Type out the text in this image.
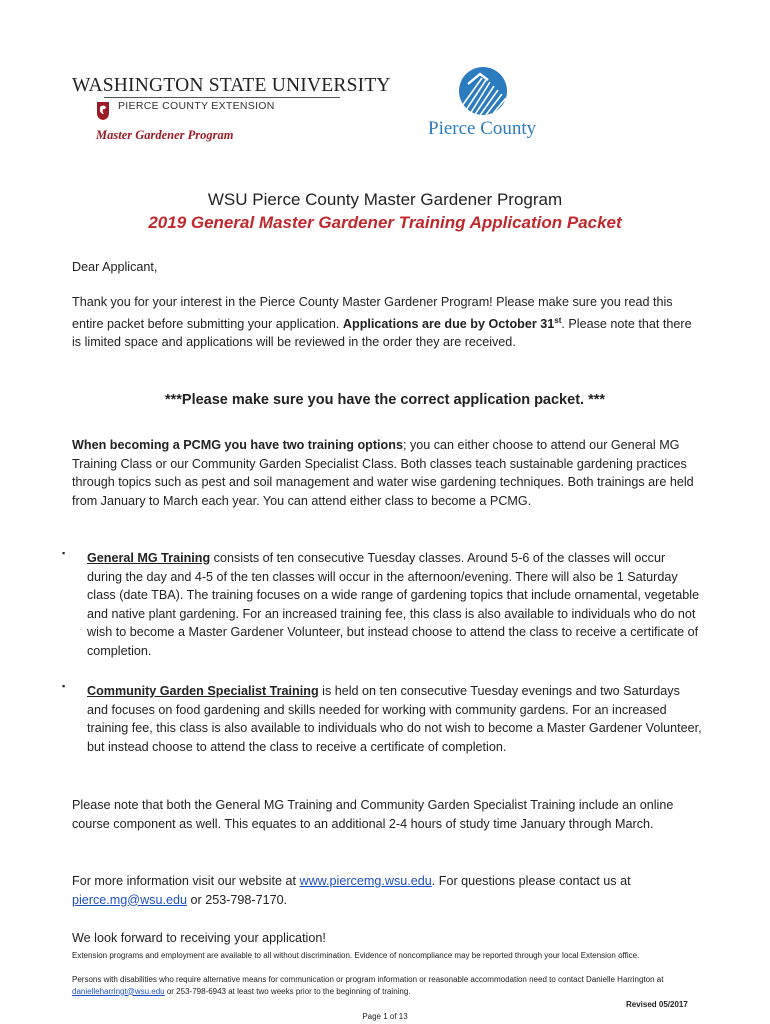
WASHINGTON STATE UNIVERSITY
PIERCE COUNTY EXTENSION
Master Gardener Program	Pierce County
WSU Pierce County Master Gardener Program
2019 General Master Gardener Training Application Packet
Dear Applicant,
Thank you for your interest in the Pierce County Master Gardener Program! Please make sure you read this entire packet before submitting your application. Applications are due by October 31st. Please note that there is limited space and applications will be reviewed in the order they are received.
***Please make sure you have the correct application packet. ***
When becoming a PCMG you have two training options; you can either choose to attend our General MG Training Class or our Community Garden Specialist Class. Both classes teach sustainable gardening practices through topics such as pest and soil management and water wise gardening techniques. Both trainings are held from January to March each year. You can attend either class to become a PCMG.
▪ General MG Training consists of ten consecutive Tuesday classes. Around 5-6 of the classes will occur during the day and 4-5 of the ten classes will occur in the afternoon/evening. There will also be 1 Saturday class (date TBA). The training focuses on a wide range of gardening topics that include ornamental, vegetable and native plant gardening. For an increased training fee, this class is also available to individuals who do not wish to become a Master Gardener Volunteer, but instead choose to attend the class to receive a certificate of completion.
▪ Community Garden Specialist Training is held on ten consecutive Tuesday evenings and two Saturdays and focuses on food gardening and skills needed for working with community gardens. For an increased training fee, this class is also available to individuals who do not wish to become a Master Gardener Volunteer, but instead choose to attend the class to receive a certificate of completion.
Please note that both the General MG Training and Community Garden Specialist Training include an online course component as well. This equates to an additional 2-4 hours of study time January through March.
For more information visit our website at www.piercemg.wsu.edu. For questions please contact us at pierce.mg@wsu.edu or 253-798-7170.
We look forward to receiving your application!
Extension programs and employment are available to all without discrimination. Evidence of noncompliance may be reported through your local Extension office.
Persons with disabilities who require alternative means for communication or program information or reasonable accommodation need to contact Danielle Harrington at danielleharringt@wsu.edu or 253-798-6943 at least two weeks prior to the beginning of training.
Revised 05/2017
Page 1 of 13
